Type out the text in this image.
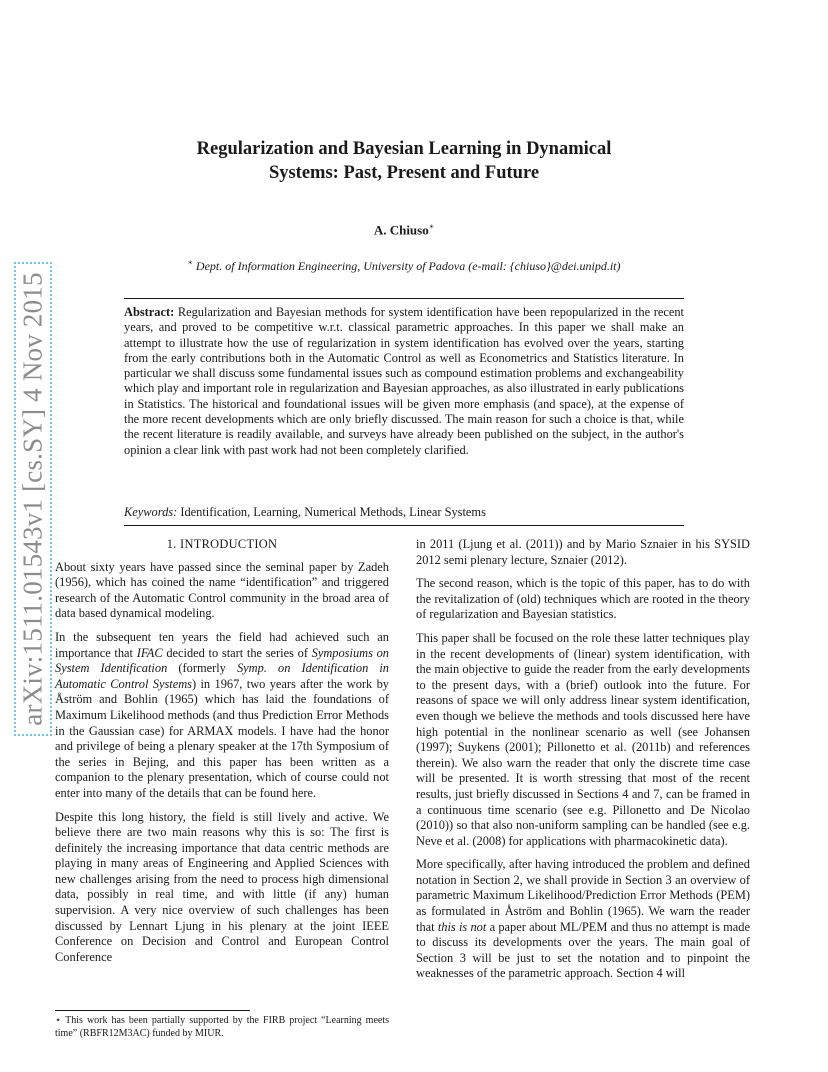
arXiv:1511.01543v1 [cs.SY] 4 Nov 2015
Regularization and Bayesian Learning in Dynamical Systems: Past, Present and Future
A. Chiuso∗
∗ Dept. of Information Engineering, University of Padova (e-mail: {chiuso}@dei.unipd.it)
Abstract: Regularization and Bayesian methods for system identification have been repopularized in the recent years, and proved to be competitive w.r.t. classical parametric approaches. In this paper we shall make an attempt to illustrate how the use of regularization in system identification has evolved over the years, starting from the early contributions both in the Automatic Control as well as Econometrics and Statistics literature. In particular we shall discuss some fundamental issues such as compound estimation problems and exchangeability which play and important role in regularization and Bayesian approaches, as also illustrated in early publications in Statistics. The historical and foundational issues will be given more emphasis (and space), at the expense of the more recent developments which are only briefly discussed. The main reason for such a choice is that, while the recent literature is readily available, and surveys have already been published on the subject, in the author's opinion a clear link with past work had not been completely clarified.
Keywords: Identification, Learning, Numerical Methods, Linear Systems
1. INTRODUCTION

About sixty years have passed since the seminal paper by Zadeh (1956), which has coined the name “identification” and triggered research of the Automatic Control community in the broad area of data based dynamical modeling.

In the subsequent ten years the field had achieved such an importance that IFAC decided to start the series of Symposiums on System Identification (formerly Symp. on Identification in Automatic Control Systems) in 1967, two years after the work by Åström and Bohlin (1965) which has laid the foundations of Maximum Likelihood methods (and thus Prediction Error Methods in the Gaussian case) for ARMAX models. I have had the honor and privilege of being a plenary speaker at the 17th Symposium of the series in Bejing, and this paper has been written as a companion to the plenary presentation, which of course could not enter into many of the details that can be found here.

Despite this long history, the field is still lively and active. We believe there are two main reasons why this is so: The first is definitely the increasing importance that data centric methods are playing in many areas of Engineering and Applied Sciences with new challenges arising from the need to process high dimensional data, possibly in real time, and with little (if any) human supervision. A very nice overview of such challenges has been discussed by Lennart Ljung in his plenary at the joint IEEE Conference on Decision and Control and European Control Conference

in 2011 (Ljung et al. (2011)) and by Mario Sznaier in his SYSID 2012 semi plenary lecture, Sznaier (2012).

The second reason, which is the topic of this paper, has to do with the revitalization of (old) techniques which are rooted in the theory of regularization and Bayesian statistics.

This paper shall be focused on the role these latter techniques play in the recent developments of (linear) system identification, with the main objective to guide the reader from the early developments to the present days, with a (brief) outlook into the future. For reasons of space we will only address linear system identification, even though we believe the methods and tools discussed here have high potential in the nonlinear scenario as well (see Johansen (1997); Suykens (2001); Pillonetto et al. (2011b) and references therein). We also warn the reader that only the discrete time case will be presented. It is worth stressing that most of the recent results, just briefly discussed in Sections 4 and 7, can be framed in a continuous time scenario (see e.g. Pillonetto and De Nicolao (2010)) so that also non-uniform sampling can be handled (see e.g. Neve et al. (2008) for applications with pharmacokinetic data).

More specifically, after having introduced the problem and defined notation in Section 2, we shall provide in Section 3 an overview of parametric Maximum Likelihood/Prediction Error Methods (PEM) as formulated in Åström and Bohlin (1965). We warn the reader that this is not a paper about ML/PEM and thus no attempt is made to discuss its developments over the years. The main goal of Section 3 will be just to set the notation and to pinpoint the weaknesses of the parametric approach. Section 4 will

⋆ This work has been partially supported by the FIRB project “Learning meets time” (RBFR12M3AC) funded by MIUR.
